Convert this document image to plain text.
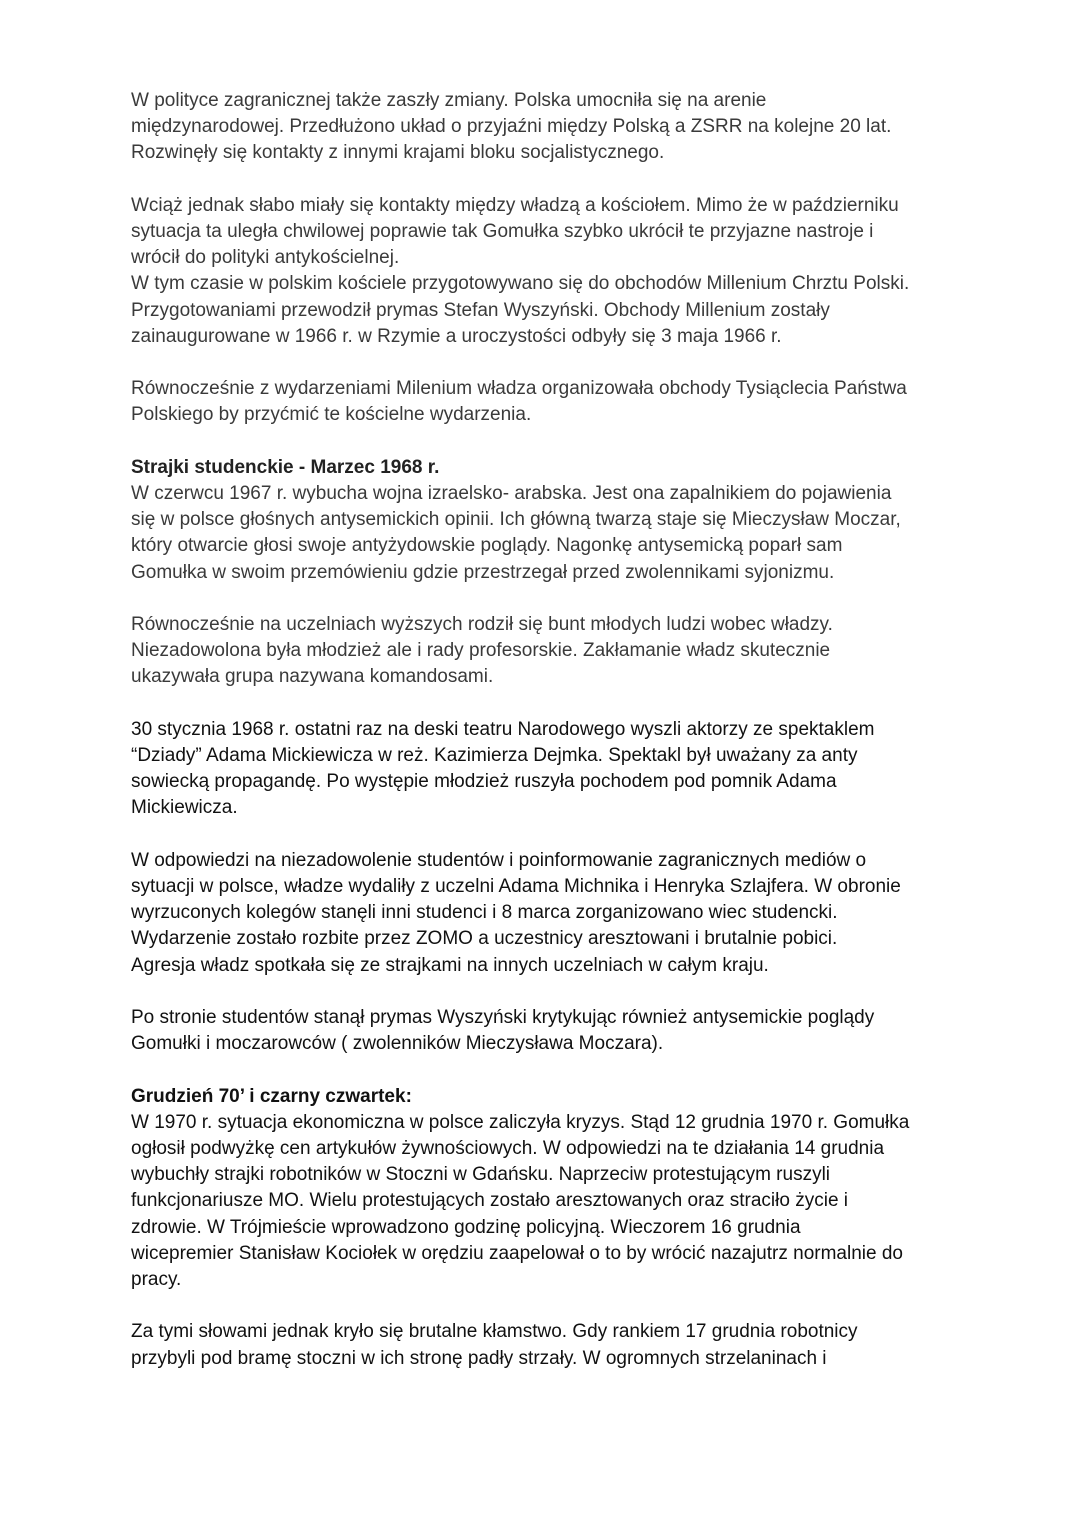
W polityce zagranicznej także zaszły zmiany. Polska umocniła się na arenie
międzynarodowej. Przedłużono układ o przyjaźni między Polską a ZSRR na kolejne 20 lat.
Rozwinęły się kontakty z innymi krajami bloku socjalistycznego.

Wciąż jednak słabo miały się kontakty między władzą a kościołem. Mimo że w październiku
sytuacja ta uległa chwilowej poprawie tak Gomułka szybko ukrócił te przyjazne nastroje i
wrócił do polityki antykościelnej.

W tym czasie w polskim kościele przygotowywano się do obchodów Millenium Chrztu Polski.
Przygotowaniami przewodził prymas Stefan Wyszyński. Obchody Millenium zostały
zainaugurowane w 1966 r. w Rzymie a uroczystości odbyły się 3 maja 1966 r.

Równocześnie z wydarzeniami Milenium władza organizowała obchody Tysiąclecia Państwa
Polskiego by przyćmić te kościelne wydarzenia.

Strajki studenckie - Marzec 1968 r.

W czerwcu 1967 r. wybucha wojna izraelsko- arabska. Jest ona zapalnikiem do pojawienia
się w polsce głośnych antysemickich opinii. Ich główną twarzą staje się Mieczysław Moczar,
który otwarcie głosi swoje antyżydowskie poglądy. Nagonkę antysemicką poparł sam
Gomułka w swoim przemówieniu gdzie przestrzegał przed zwolennikami syjonizmu.

Równocześnie na uczelniach wyższych rodził się bunt młodych ludzi wobec władzy.
Niezadowolona była młodzież ale i rady profesorskie. Zakłamanie władz skutecznie
ukazywała grupa nazywana komandosami.

30 stycznia 1968 r. ostatni raz na deski teatru Narodowego wyszli aktorzy ze spektaklem
“Dziady” Adama Mickiewicza w reż. Kazimierza Dejmka. Spektakl był uważany za anty
sowiecką propagandę. Po występie młodzież ruszyła pochodem pod pomnik Adama
Mickiewicza.

W odpowiedzi na niezadowolenie studentów i poinformowanie zagranicznych mediów o
sytuacji w polsce, władze wydaliły z uczelni Adama Michnika i Henryka Szlajfera. W obronie
wyrzuconych kolegów stanęli inni studenci i 8 marca zorganizowano wiec studencki.
Wydarzenie zostało rozbite przez ZOMO a uczestnicy aresztowani i brutalnie pobici.
Agresja władz spotkała się ze strajkami na innych uczelniach w całym kraju.

Po stronie studentów stanął prymas Wyszyński krytykując również antysemickie poglądy
Gomułki i moczarowców ( zwolenników Mieczysława Moczara).

Grudzień 70’ i czarny czwartek:

W 1970 r. sytuacja ekonomiczna w polsce zaliczyła kryzys. Stąd 12 grudnia 1970 r. Gomułka
ogłosił podwyżkę cen artykułów żywnościowych. W odpowiedzi na te działania 14 grudnia
wybuchły strajki robotników w Stoczni w Gdańsku. Naprzeciw protestującym ruszyli
funkcjonariusze MO. Wielu protestujących zostało aresztowanych oraz straciło życie i
zdrowie. W Trójmieście wprowadzono godzinę policyjną. Wieczorem 16 grudnia
wicepremier Stanisław Kociołek w orędziu zaapelował o to by wrócić nazajutrz normalnie do
pracy.

Za tymi słowami jednak kryło się brutalne kłamstwo. Gdy rankiem 17 grudnia robotnicy
przybyli pod bramę stoczni w ich stronę padły strzały. W ogromnych strzelaninach i
